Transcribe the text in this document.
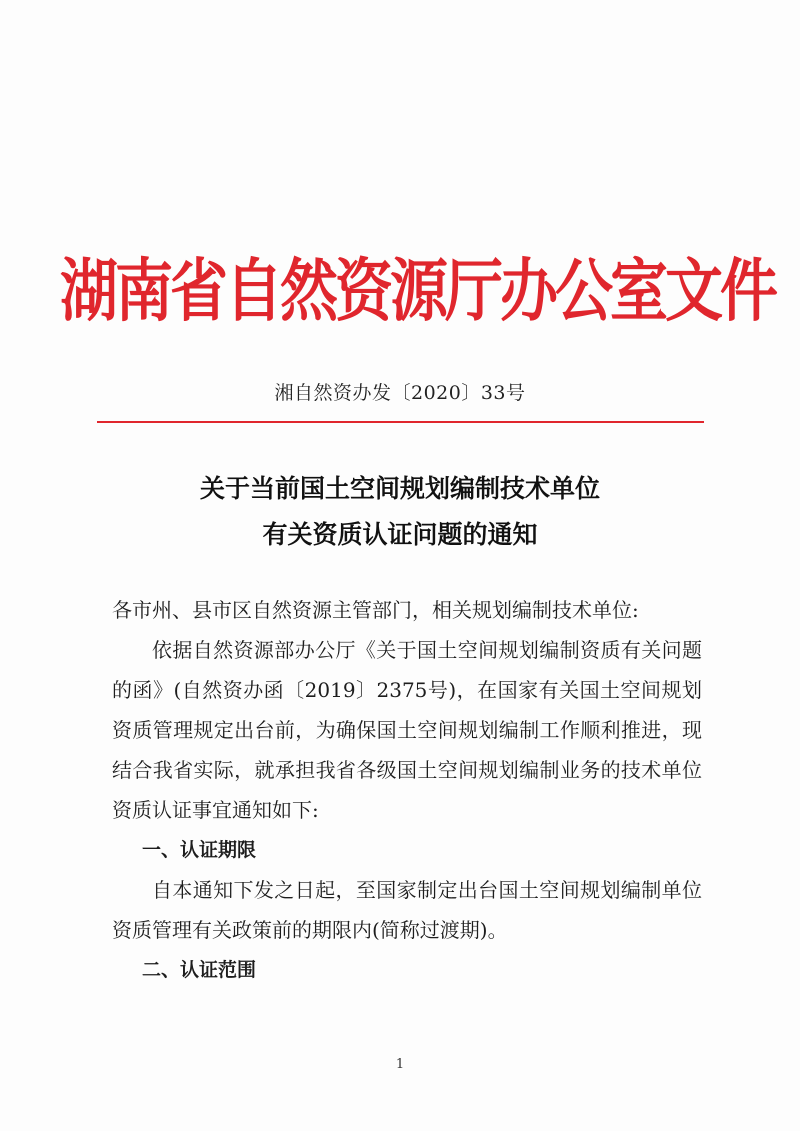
湖南省自然资源厅办公室文件
湘自然资办发〔2020〕33号
关于当前国土空间规划编制技术单位
有关资质认证问题的通知

各市州、县市区自然资源主管部门，相关规划编制技术单位:

依据自然资源部办公厅《关于国土空间规划编制资质有关问题的函》(自然资办函〔2019〕2375号)，在国家有关国土空间规划资质管理规定出台前，为确保国土空间规划编制工作顺利推进，现结合我省实际，就承担我省各级国土空间规划编制业务的技术单位资质认证事宜通知如下:

一、认证期限

自本通知下发之日起，至国家制定出台国土空间规划编制单位资质管理有关政策前的期限内(简称过渡期)。

二、认证范围

1
